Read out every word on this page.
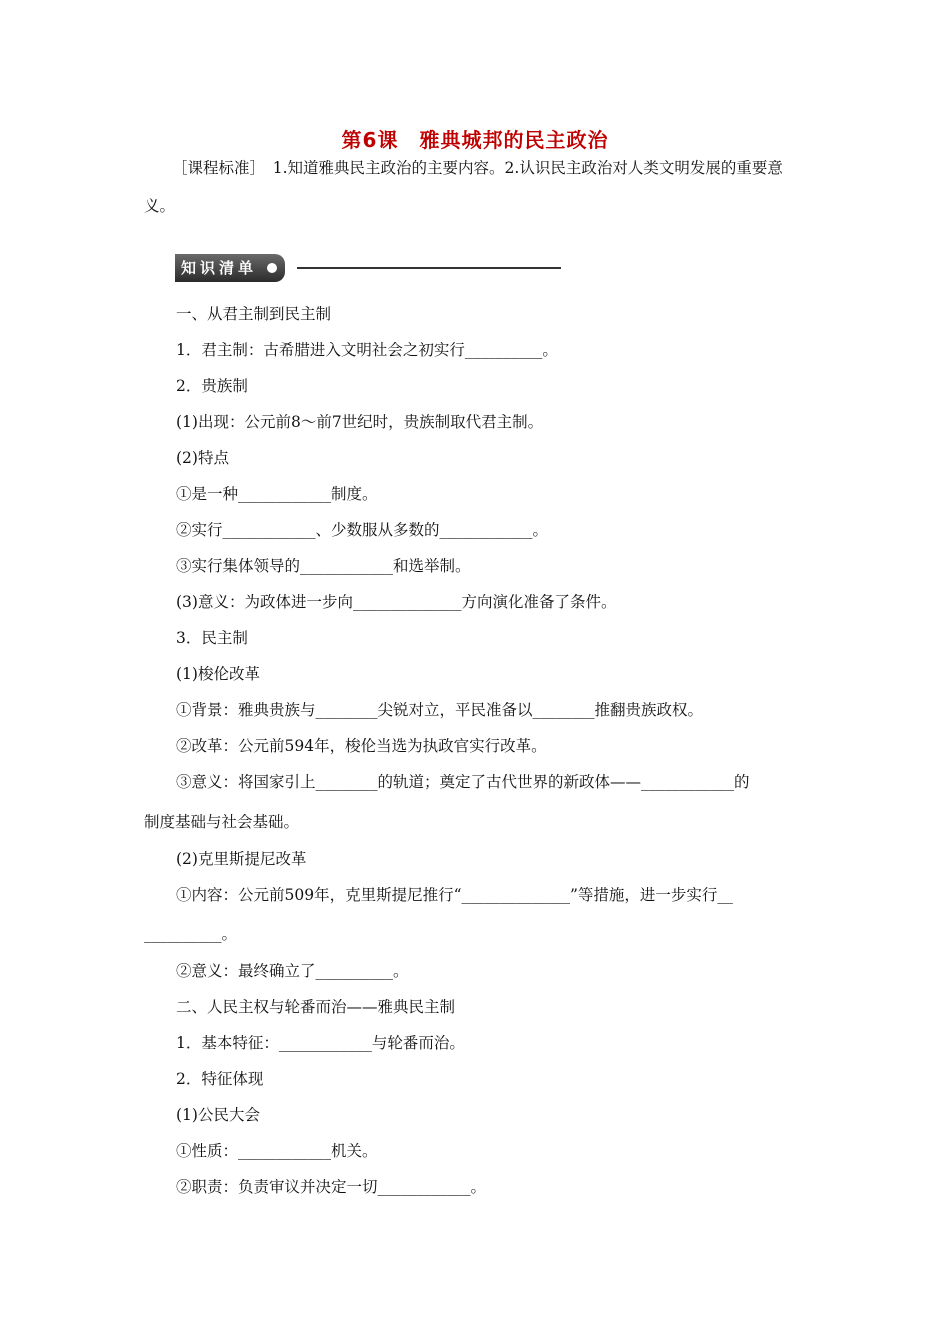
第6课　雅典城邦的民主政治
［课程标准］　1.知道雅典民主政治的主要内容。2.认识民主政治对人类文明发展的重要意义。
知识清单
一、从君主制到民主制
1．君主制：古希腊进入文明社会之初实行__________。
2．贵族制
(1)出现：公元前8～前7世纪时，贵族制取代君主制。
(2)特点
①是一种____________制度。
②实行____________、少数服从多数的____________。
③实行集体领导的____________和选举制。
(3)意义：为政体进一步向______________方向演化准备了条件。
3．民主制
(1)梭伦改革
①背景：雅典贵族与________尖锐对立，平民准备以________推翻贵族政权。
②改革：公元前594年，梭伦当选为执政官实行改革。
③意义：将国家引上________的轨道；奠定了古代世界的新政体——____________的
制度基础与社会基础。
(2)克里斯提尼改革
①内容：公元前509年，克里斯提尼推行“______________”等措施，进一步实行__
__________。
②意义：最终确立了__________。
二、人民主权与轮番而治——雅典民主制
1．基本特征：____________与轮番而治。
2．特征体现
(1)公民大会
①性质：____________机关。
②职责：负责审议并决定一切____________。
